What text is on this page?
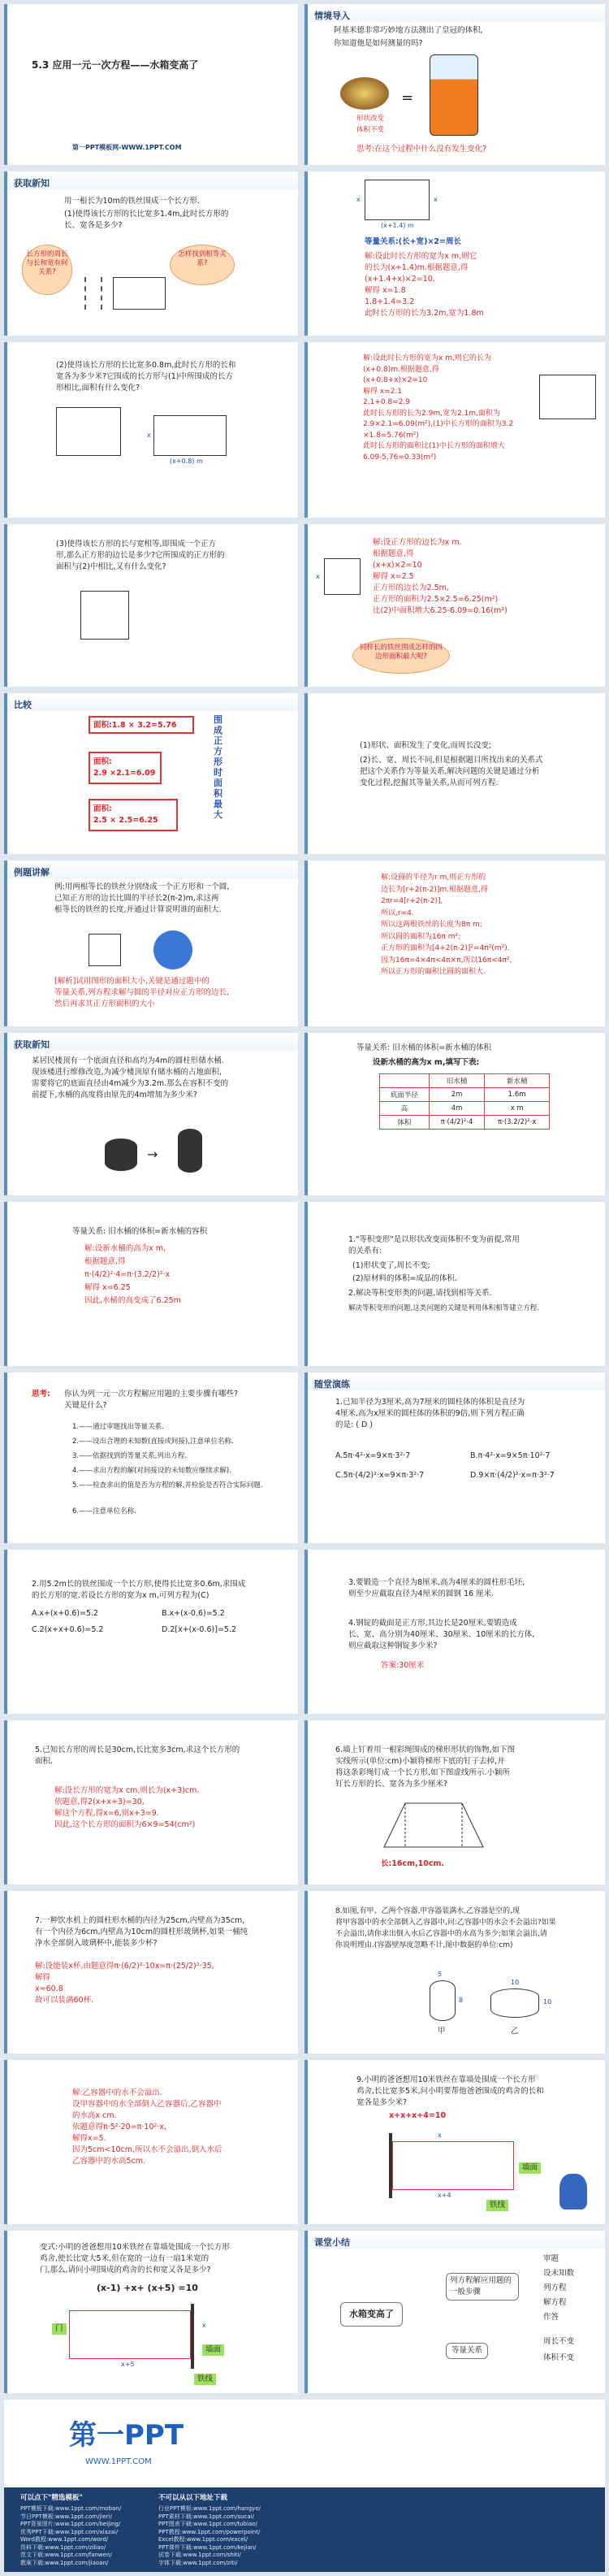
5.3 应用一元一次方程——水箱变高了
第一PPT模板网-WWW.1PPT.COM
情境导入
阿基米德非常巧妙地方法测出了皇冠的体积,
你知道他是如何测量的吗?
=
形状改变
体积不变
思考:在这个过程中什么没有发生变化?
获取新知
用一根长为10m的铁丝围成一个长方形.
(1)使得该长方形的长比宽多1.4m,此时长方形的
长、宽各是多少?
长方形的周长与长和宽有何关系?
怎样找到相等关系?
x	x
(x+1.4) m
等量关系:(长+宽)×2=周长
解:设此时长方形的宽为x m,则它
的长为(x+1.4)m.根据题意,得
(x+1.4+x)×2=10.
解得 x=1.8
1.8+1.4=3.2
此时长方形的长为3.2m,宽为1.8m
(2)使得该长方形的长比宽多0.8m,此时长方形的长和
宽各为多少米?它围成的长方形与(1)中所围成的长方
形相比,面积有什么变化?
x
(x+0.8) m
解:设此时长方形的宽为x m,则它的长为
(x+0.8)m.根据题意,得
(x+0.8+x)×2=10
解得 x=2.1
2.1+0.8=2.9
此时长方形的长为2.9m,宽为2.1m,面积为
2.9×2.1=6.09(m²),(1)中长方形的面积为3.2
×1.8=5.76(m²)
此时长方形的面积比(1)中长方形的面积增大
6.09-5.76=0.33(m²)
(3)使得该长方形的长与宽相等,即围成一个正方
形,那么正方形的边长是多少?它所围成的正方形的
面积与(2)中相比,又有什么变化?
解:设正方形的边长为x m.
根据题意,得
(x+x)×2=10
解得 x=2.5
正方形的边长为2.5m,
正方形的面积为2.5×2.5=6.25(m²)
比(2)中面积增大6.25-6.09=0.16(m²)
x
同样长的铁丝围成怎样的四边形面积最大呢?
比较
面积:1.8 × 3.2=5.76
面积:
2.9 ×2.1=6.09
面积:
2.5 × 2.5=6.25
围成正方形时面积最大
(1)形状、面积发生了变化,而周长没变;
(2)长、宽、周长不同,但是根据题目所找出来的关系式
把这个关系作为等量关系,解决问题的关键是通过分析
变化过程,挖掘其等量关系,从而可列方程.
例题讲解
例:用两根等长的铁丝分别绕成一个正方形和一个圆,
已知正方形的边长比圆的半径长2(π-2)m,求这两
根等长的铁丝的长度,并通过计算说明谁的面积大.
[解析]试用图形的面积大小,关键是通过题中的
等量关系,列方程求解与圆的半径对应正方形的边长,
然后再求其正方形面积的大小
解:设圆的半径为r m,则正方形的
边长为[r+2(π-2)]m.根据题意,得
2πr=4[r+2(π-2)],
所以,r=4.
所以这两根铁丝的长度为8π m;
所以圆的面积为16π m²;
正方形的面积为[4+2(π-2)]²=4π²(m²).
因为16π=4×4π<4π×π,所以16π<4π²,
所以正方形的面积比圆的面积大.
获取新知
某居民楼顶有一个底面直径和高均为4m的圆柱形储水桶.
现该楼进行维修改造,为减少楼顶原有储水桶的占地面积,
需要将它的底面直径由4m减少为3.2m.那么在容积不变的
前提下,水桶的高度将由原先的4m增加为多少米?
→
等量关系: 旧水桶的体积=新水桶的体积
设新水桶的高为x m,填写下表:
	旧水桶	新水桶
底面半径	2m	1.6m
高	4m	x m
体积	π·(4/2)²·4	π·(3.2/2)²·x
等量关系: 旧水桶的体积=新水桶的容积
解:设新水桶的高为x m,
根据题意,得
π·(4/2)²·4=π·(3.2/2)²·x
解得 x=6.25
因此,水桶的高变成了6.25m
1."等积变形"是以形状改变而体积不变为前提,常用
的关系有:
(1)形状变了,周长不变;
(2)原材料的体积=成品的体积.
2.解决等积变形类的问题,请找到相等关系.
解决等积变形的问题,这类问题的关键是利用体积相等建立方程.
思考: 你认为列一元一次方程解应用题的主要步骤有哪些?
关键是什么?
1.——通过审题找出等量关系.
2.——设出合理的未知数(直接或间接),注意单位名称.
3.——依据找到的等量关系,列出方程.
4.——求出方程的解(对间接设的未知数应继续求解).
5.——检查求出的值是否为方程的解,并检验是否符合实际问题.
6.——注意单位名称.
随堂演练
1.已知半径为3厘米,高为7厘米的圆柱体的体积是直径为
4厘米,高为x厘米的圆柱体的体积的9倍,则下列方程正确
的是: ( D )
A.5π·4²·x=9×π·3²·7	B.π·4²·x=9×5π·10²·7
C.5π·(4/2)²·x=9×π·3²·7	D.9×π·(4/2)²·x=π·3²·7
2.用5.2m长的铁丝围成一个长方形,使得长比宽多0.6m,求围成
的长方形的宽.若设长方形的宽为x m,可列方程为(C)
A.x+(x+0.6)=5.2	B.x+(x-0.6)=5.2
C.2(x+x+0.6)=5.2	D.2[x+(x-0.6)]=5.2
3.要锻造一个直径为8厘米,高为4厘米的圆柱形毛坯,
则至少应截取直径为4厘米的圆钢 16 厘米.
4.钢锭的截面是正方形,其边长是20厘米,要锻造成
长、宽、高分别为40厘米、30厘米、10厘米的长方体,
则应截取这种钢锭多少米?
答案:30厘米
5.已知长方形的周长是30cm,长比宽多3cm,求这个长方形的
面积.
解:设长方形的宽为x cm,则长为(x+3)cm.
依题意,得2(x+x+3)=30,
解这个方程,得x=6,则x+3=9.
因此,这个长方形的面积为6×9=54(cm²)
6.墙上钉着用一根彩绳围成的梯形形状的饰物,如下图
实线所示(单位:cm)小颖将梯形下底的钉子去掉,并
将这条彩绳钉成一个长方形,如下图虚线所示.小颖所
钉长方形的长、宽各为多少厘米?
长:16cm,10cm.
7.一种饮水机上的圆柱形水桶的内径为25cm,内壁高为35cm,
有一个内径为6cm,内壁高为10cm的圆柱形玻璃杯,如果一桶纯
净水全部倒入玻璃杯中,能装多少杯?
解:设能装x杯,由题意得π·(6/2)²·10x=π·(25/2)²·35,
解得
x≈60.8
故可以装满60杯.
8.如图,有甲、乙两个容器,甲容器装满水,乙容器是空的,现
将甲容器中的水全部倒入乙容器中,问:乙容器中的水会不会溢出?如果
不会溢出,请你求出倒入水后乙容器中的水高为多少;如果会溢出,请
你说明理由.(容器壁厚度忽略不计,图中数据的单位:cm)
5
8
10
10
甲	乙
解:乙容器中的水不会溢出.
设甲容器中的水全部倒入乙容器后,乙容器中
的水高x cm.
依题意得π·5²·20=π·10²·x,
解得x=5.
因为5cm<10cm,所以水不会溢出,倒入水后
乙容器中的水高5cm.
9.小明的爸爸想用10米铁丝在靠墙处围成一个长方形
鸡舍,长比宽多5米,问小明要帮他爸爸围成的鸡舍的长和
宽各是多少米?
x+x+x+4=10
x
x+4
墙面
铁线
变式:小明的爸爸想用10米铁丝在靠墙处围成一个长方形
鸡舍,使长比宽大5米,但在宽的一边有一扇1米宽的
门,那么,请问小明围成的鸡舍的长和宽又各是多少?
(x-1) +x+ (x+5) =10
门	x
x+5
铁线
墙面
课堂小结
水箱变高了
列方程解应用题的一般步骤
等量关系
审题
设未知数
列方程
解方程
作答
周长不变
体积不变
第一PPT
WWW.1PPT.COM
可以点下"精选模板"	不可以从以下地址下载
PPT模板下载:www.1ppt.com/moban/
节日PPT模板:www.1ppt.com/jieri/
PPT背景图片:www.1ppt.com/beijing/
优秀PPT下载:www.1ppt.com/xiazai/
Word教程:www.1ppt.com/word/
资料下载:www.1ppt.com/ziliao/
范文下载:www.1ppt.com/fanwen/
教案下载:www.1ppt.com/jiaoan/
行业PPT模板:www.1ppt.com/hangye/
PPT素材下载:www.1ppt.com/sucai/
PPT图表下载:www.1ppt.com/tubiao/
PPT教程:www.1ppt.com/powerpoint/
Excel教程:www.1ppt.com/excel/
PPT课件下载:www.1ppt.com/kejian/
试卷下载:www.1ppt.com/shiti/
字体下载:www.1ppt.com/ziti/
